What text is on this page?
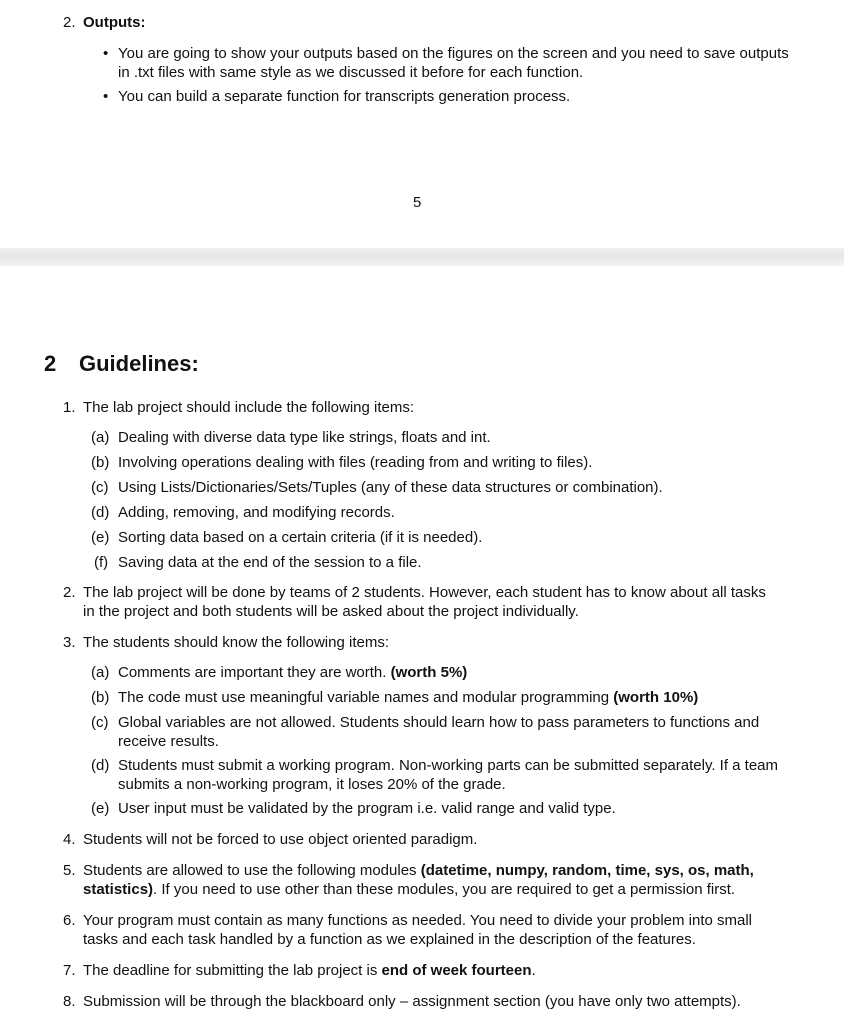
2. Outputs:
• You are going to show your outputs based on the figures on the screen and you need to save outputs
in .txt files with same style as we discussed it before for each function.
• You can build a separate function for transcripts generation process.
5
2 Guidelines:
1. The lab project should include the following items:
(a) Dealing with diverse data type like strings, floats and int.
(b) Involving operations dealing with files (reading from and writing to files).
(c) Using Lists/Dictionaries/Sets/Tuples (any of these data structures or combination).
(d) Adding, removing, and modifying records.
(e) Sorting data based on a certain criteria (if it is needed).
(f) Saving data at the end of the session to a file.
2. The lab project will be done by teams of 2 students. However, each student has to know about all tasks
in the project and both students will be asked about the project individually.
3. The students should know the following items:
(a) Comments are important they are worth. (worth 5%)
(b) The code must use meaningful variable names and modular programming (worth 10%)
(c) Global variables are not allowed. Students should learn how to pass parameters to functions and
receive results.
(d) Students must submit a working program. Non-working parts can be submitted separately. If a team
submits a non-working program, it loses 20% of the grade.
(e) User input must be validated by the program i.e. valid range and valid type.
4. Students will not be forced to use object oriented paradigm.
5. Students are allowed to use the following modules (datetime, numpy, random, time, sys, os, math,
statistics). If you need to use other than these modules, you are required to get a permission first.
6. Your program must contain as many functions as needed. You need to divide your problem into small
tasks and each task handled by a function as we explained in the description of the features.
7. The deadline for submitting the lab project is end of week fourteen.
8. Submission will be through the blackboard only – assignment section (you have only two attempts).
